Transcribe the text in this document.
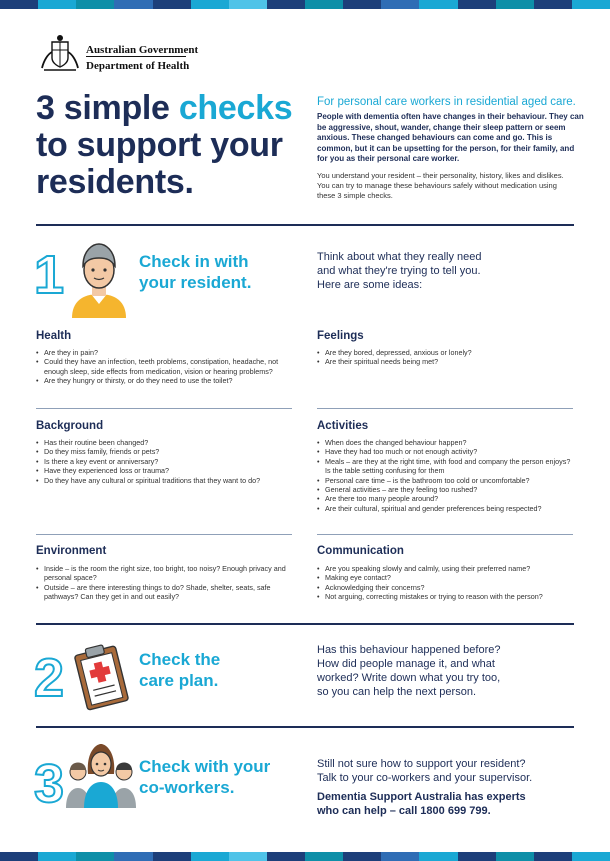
Australian Government
Department of Health
3 simple checks
to support your
residents.
For personal care workers in residential aged care.
People with dementia often have changes in their behaviour. They can be aggressive, shout, wander, change their sleep pattern or seem anxious. These changed behaviours can come and go. This is common, but it can be upsetting for the person, for their family, and for you as their personal care worker.
You understand your resident – their personality, history, likes and dislikes. You can try to manage these behaviours safely without medication using these 3 simple checks.
1	Check in with
your resident.
Think about what they really need
and what they're trying to tell you.
Here are some ideas:
Health
• Are they in pain?
• Could they have an infection, teeth problems, constipation, headache, not enough sleep, side effects from medication, vision or hearing problems?
• Are they hungry or thirsty, or do they need to use the toilet?
Feelings
• Are they bored, depressed, anxious or lonely?
• Are their spiritual needs being met?
Background
• Has their routine been changed?
• Do they miss family, friends or pets?
• Is there a key event or anniversary?
• Have they experienced loss or trauma?
• Do they have any cultural or spiritual traditions that they want to do?
Activities
• When does the changed behaviour happen?
• Have they had too much or not enough activity?
• Meals – are they at the right time, with food and company the person enjoys? Is the table setting confusing for them
• Personal care time – is the bathroom too cold or uncomfortable?
• General activities – are they feeling too rushed?
• Are there too many people around?
• Are their cultural, spiritual and gender preferences being respected?
Environment
• Inside – is the room the right size, too bright, too noisy? Enough privacy and personal space?
• Outside – are there interesting things to do? Shade, shelter, seats, safe pathways? Can they get in and out easily?
Communication
• Are you speaking slowly and calmly, using their preferred name?
• Making eye contact?
• Acknowledging their concerns?
• Not arguing, correcting mistakes or trying to reason with the person?
2	Check the
care plan.
Has this behaviour happened before?
How did people manage it, and what
worked? Write down what you try too,
so you can help the next person.
3	Check with your
co-workers.
Still not sure how to support your resident?
Talk to your co-workers and your supervisor.
Dementia Support Australia has experts
who can help – call 1800 699 799.
